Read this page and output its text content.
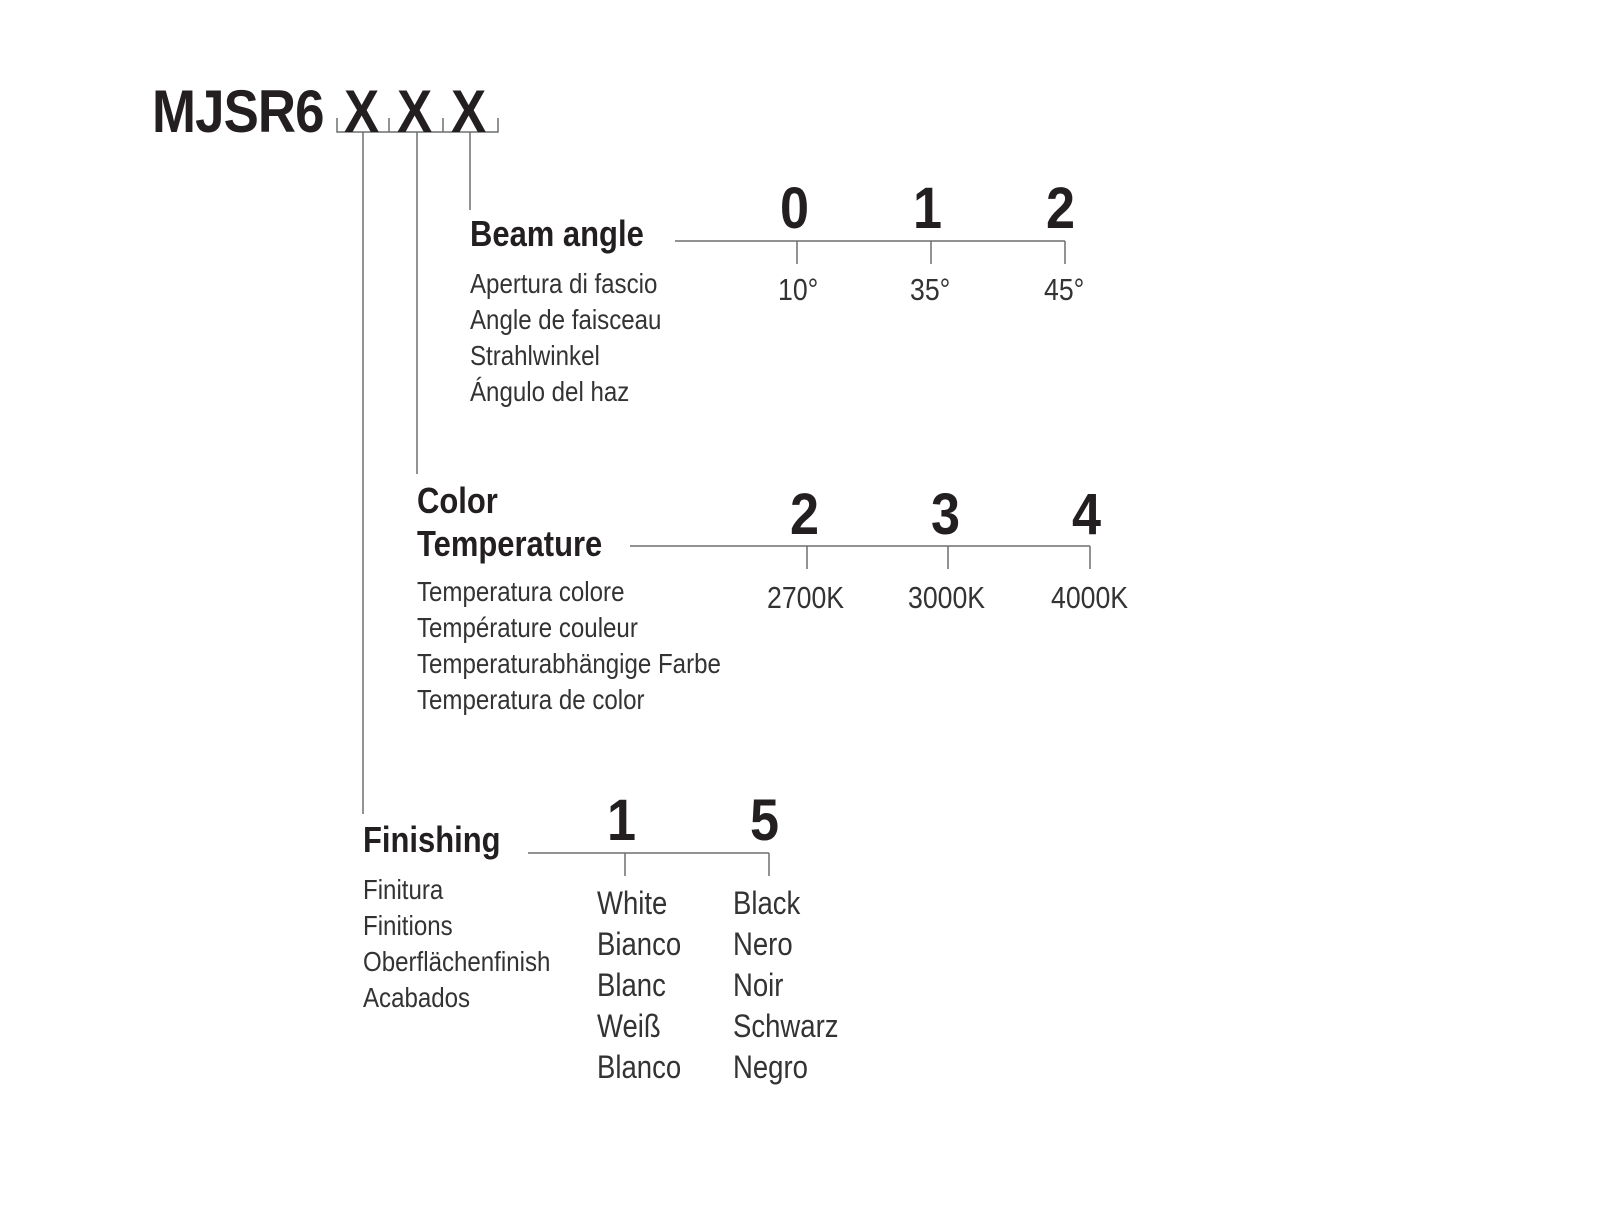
MJSR6 X X X
Beam angle
Apertura di fascio
Angle de faisceau
Strahlwinkel
Ángulo del haz
0 1 2
10°	35°	45°
Color
Temperature
Temperatura colore
Température couleur
Temperaturabhängige Farbe
Temperatura de color
2 3 4
2700K 3000K 4000K
Finishing
Finitura
Finitions
Oberflächenfinish
Acabados
1 5
White
Bianco
Blanc
Weiß
Blanco
Black
Nero
Noir
Schwarz
Negro
